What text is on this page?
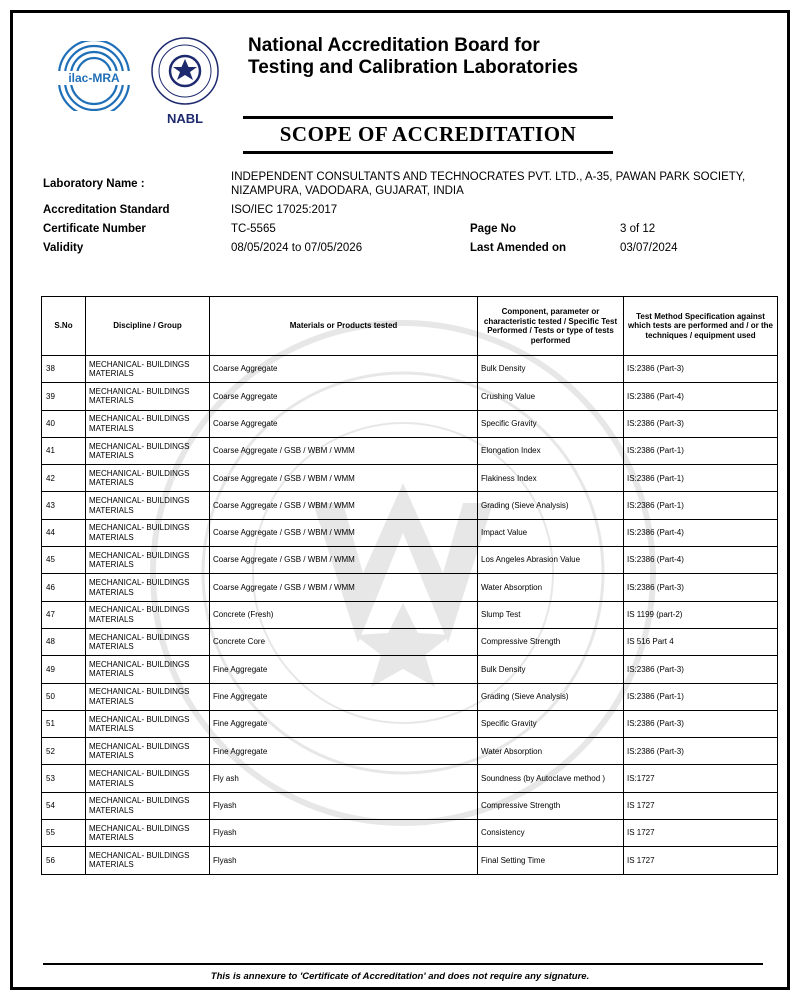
ilac-MRA
NABL
National Accreditation Board for
Testing and Calibration Laboratories
SCOPE OF ACCREDITATION
Laboratory Name :
INDEPENDENT CONSULTANTS AND TECHNOCRATES PVT. LTD., A-35, PAWAN PARK SOCIETY,
NIZAMPURA, VADODARA, GUJARAT, INDIA
Accreditation Standard	ISO/IEC 17025:2017
Certificate Number	TC-5565	Page No	3 of 12
Validity	08/05/2024 to 07/05/2026	Last Amended on	03/07/2024
S.No	Discipline / Group	Materials or Products tested	Component, parameter or characteristic tested / Specific Test Performed / Tests or type of tests performed	Test Method Specification against which tests are performed and / or the techniques / equipment used
38	MECHANICAL- BUILDINGS MATERIALS	Coarse Aggregate	Bulk Density	IS:2386 (Part-3)
39	MECHANICAL- BUILDINGS MATERIALS	Coarse Aggregate	Crushing Value	IS:2386 (Part-4)
40	MECHANICAL- BUILDINGS MATERIALS	Coarse Aggregate	Specific Gravity	IS:2386 (Part-3)
41	MECHANICAL- BUILDINGS MATERIALS	Coarse Aggregate / GSB / WBM / WMM	Elongation Index	IS:2386 (Part-1)
42	MECHANICAL- BUILDINGS MATERIALS	Coarse Aggregate / GSB / WBM / WMM	Flakiness Index	IS:2386 (Part-1)
43	MECHANICAL- BUILDINGS MATERIALS	Coarse Aggregate / GSB / WBM / WMM	Grading (Sieve Analysis)	IS:2386 (Part-1)
44	MECHANICAL- BUILDINGS MATERIALS	Coarse Aggregate / GSB / WBM / WMM	Impact Value	IS:2386 (Part-4)
45	MECHANICAL- BUILDINGS MATERIALS	Coarse Aggregate / GSB / WBM / WMM	Los Angeles Abrasion Value	IS:2386 (Part-4)
46	MECHANICAL- BUILDINGS MATERIALS	Coarse Aggregate / GSB / WBM / WMM	Water Absorption	IS:2386 (Part-3)
47	MECHANICAL- BUILDINGS MATERIALS	Concrete (Fresh)	Slump Test	IS 1199 (part-2)
48	MECHANICAL- BUILDINGS MATERIALS	Concrete Core	Compressive Strength	IS 516 Part 4
49	MECHANICAL- BUILDINGS MATERIALS	Fine Aggregate	Bulk Density	IS:2386 (Part-3)
50	MECHANICAL- BUILDINGS MATERIALS	Fine Aggregate	Grading (Sieve Analysis)	IS:2386 (Part-1)
51	MECHANICAL- BUILDINGS MATERIALS	Fine Aggregate	Specific Gravity	IS:2386 (Part-3)
52	MECHANICAL- BUILDINGS MATERIALS	Fine Aggregate	Water Absorption	IS:2386 (Part-3)
53	MECHANICAL- BUILDINGS MATERIALS	Fly ash	Soundness (by Autoclave method )	IS:1727
54	MECHANICAL- BUILDINGS MATERIALS	Flyash	Compressive Strength	IS 1727
55	MECHANICAL- BUILDINGS MATERIALS	Flyash	Consistency	IS 1727
56	MECHANICAL- BUILDINGS MATERIALS	Flyash	Final Setting Time	IS 1727
This is annexure to 'Certificate of Accreditation' and does not require any signature.
